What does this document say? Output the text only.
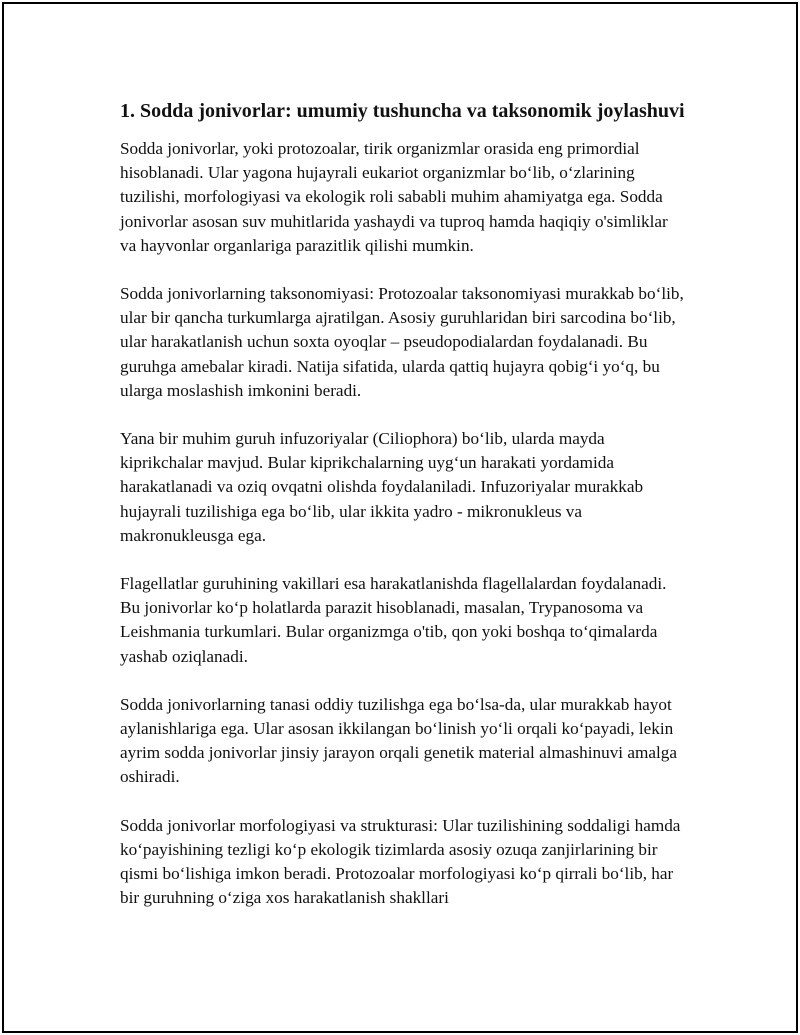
1. Sodda jonivorlar: umumiy tushuncha va taksonomik joylashuvi

Sodda jonivorlar, yoki protozoalar, tirik organizmlar orasida eng primordial hisoblanadi. Ular yagona hujayrali eukariot organizmlar bo‘lib, o‘zlarining tuzilishi, morfologiyasi va ekologik roli sababli muhim ahamiyatga ega. Sodda jonivorlar asosan suv muhitlarida yashaydi va tuproq hamda haqiqiy o'simliklar va hayvonlar organlariga parazitlik qilishi mumkin.

Sodda jonivorlarning taksonomiyasi: Protozoalar taksonomiyasi murakkab bo‘lib, ular bir qancha turkumlarga ajratilgan. Asosiy guruhlaridan biri sarcodina bo‘lib, ular harakatlanish uchun soxta oyoqlar – pseudopodialardan foydalanadi. Bu guruhga amebalar kiradi. Natija sifatida, ularda qattiq hujayra qobig‘i yo‘q, bu ularga moslashish imkonini beradi.

Yana bir muhim guruh infuzoriyalar (Ciliophora) bo‘lib, ularda mayda kiprikchalar mavjud. Bular kiprikchalarning uyg‘un harakati yordamida harakatlanadi va oziq ovqatni olishda foydalaniladi. Infuzoriyalar murakkab hujayrali tuzilishiga ega bo‘lib, ular ikkita yadro - mikronukleus va makronukleusga ega.

Flagellatlar guruhining vakillari esa harakatlanishda flagellalardan foydalanadi. Bu jonivorlar ko‘p holatlarda parazit hisoblanadi, masalan, Trypanosoma va Leishmania turkumlari. Bular organizmga o'tib, qon yoki boshqa to‘qimalarda yashab oziqlanadi.

Sodda jonivorlarning tanasi oddiy tuzilishga ega bo‘lsa-da, ular murakkab hayot aylanishlariga ega. Ular asosan ikkilangan bo‘linish yo‘li orqali ko‘payadi, lekin ayrim sodda jonivorlar jinsiy jarayon orqali genetik material almashinuvi amalga oshiradi.

Sodda jonivorlar morfologiyasi va strukturasi: Ular tuzilishining soddaligi hamda ko‘payishining tezligi ko‘p ekologik tizimlarda asosiy ozuqa zanjirlarining bir qismi bo‘lishiga imkon beradi. Protozoalar morfologiyasi ko‘p qirrali bo‘lib, har bir guruhning o‘ziga xos harakatlanish shakllari
